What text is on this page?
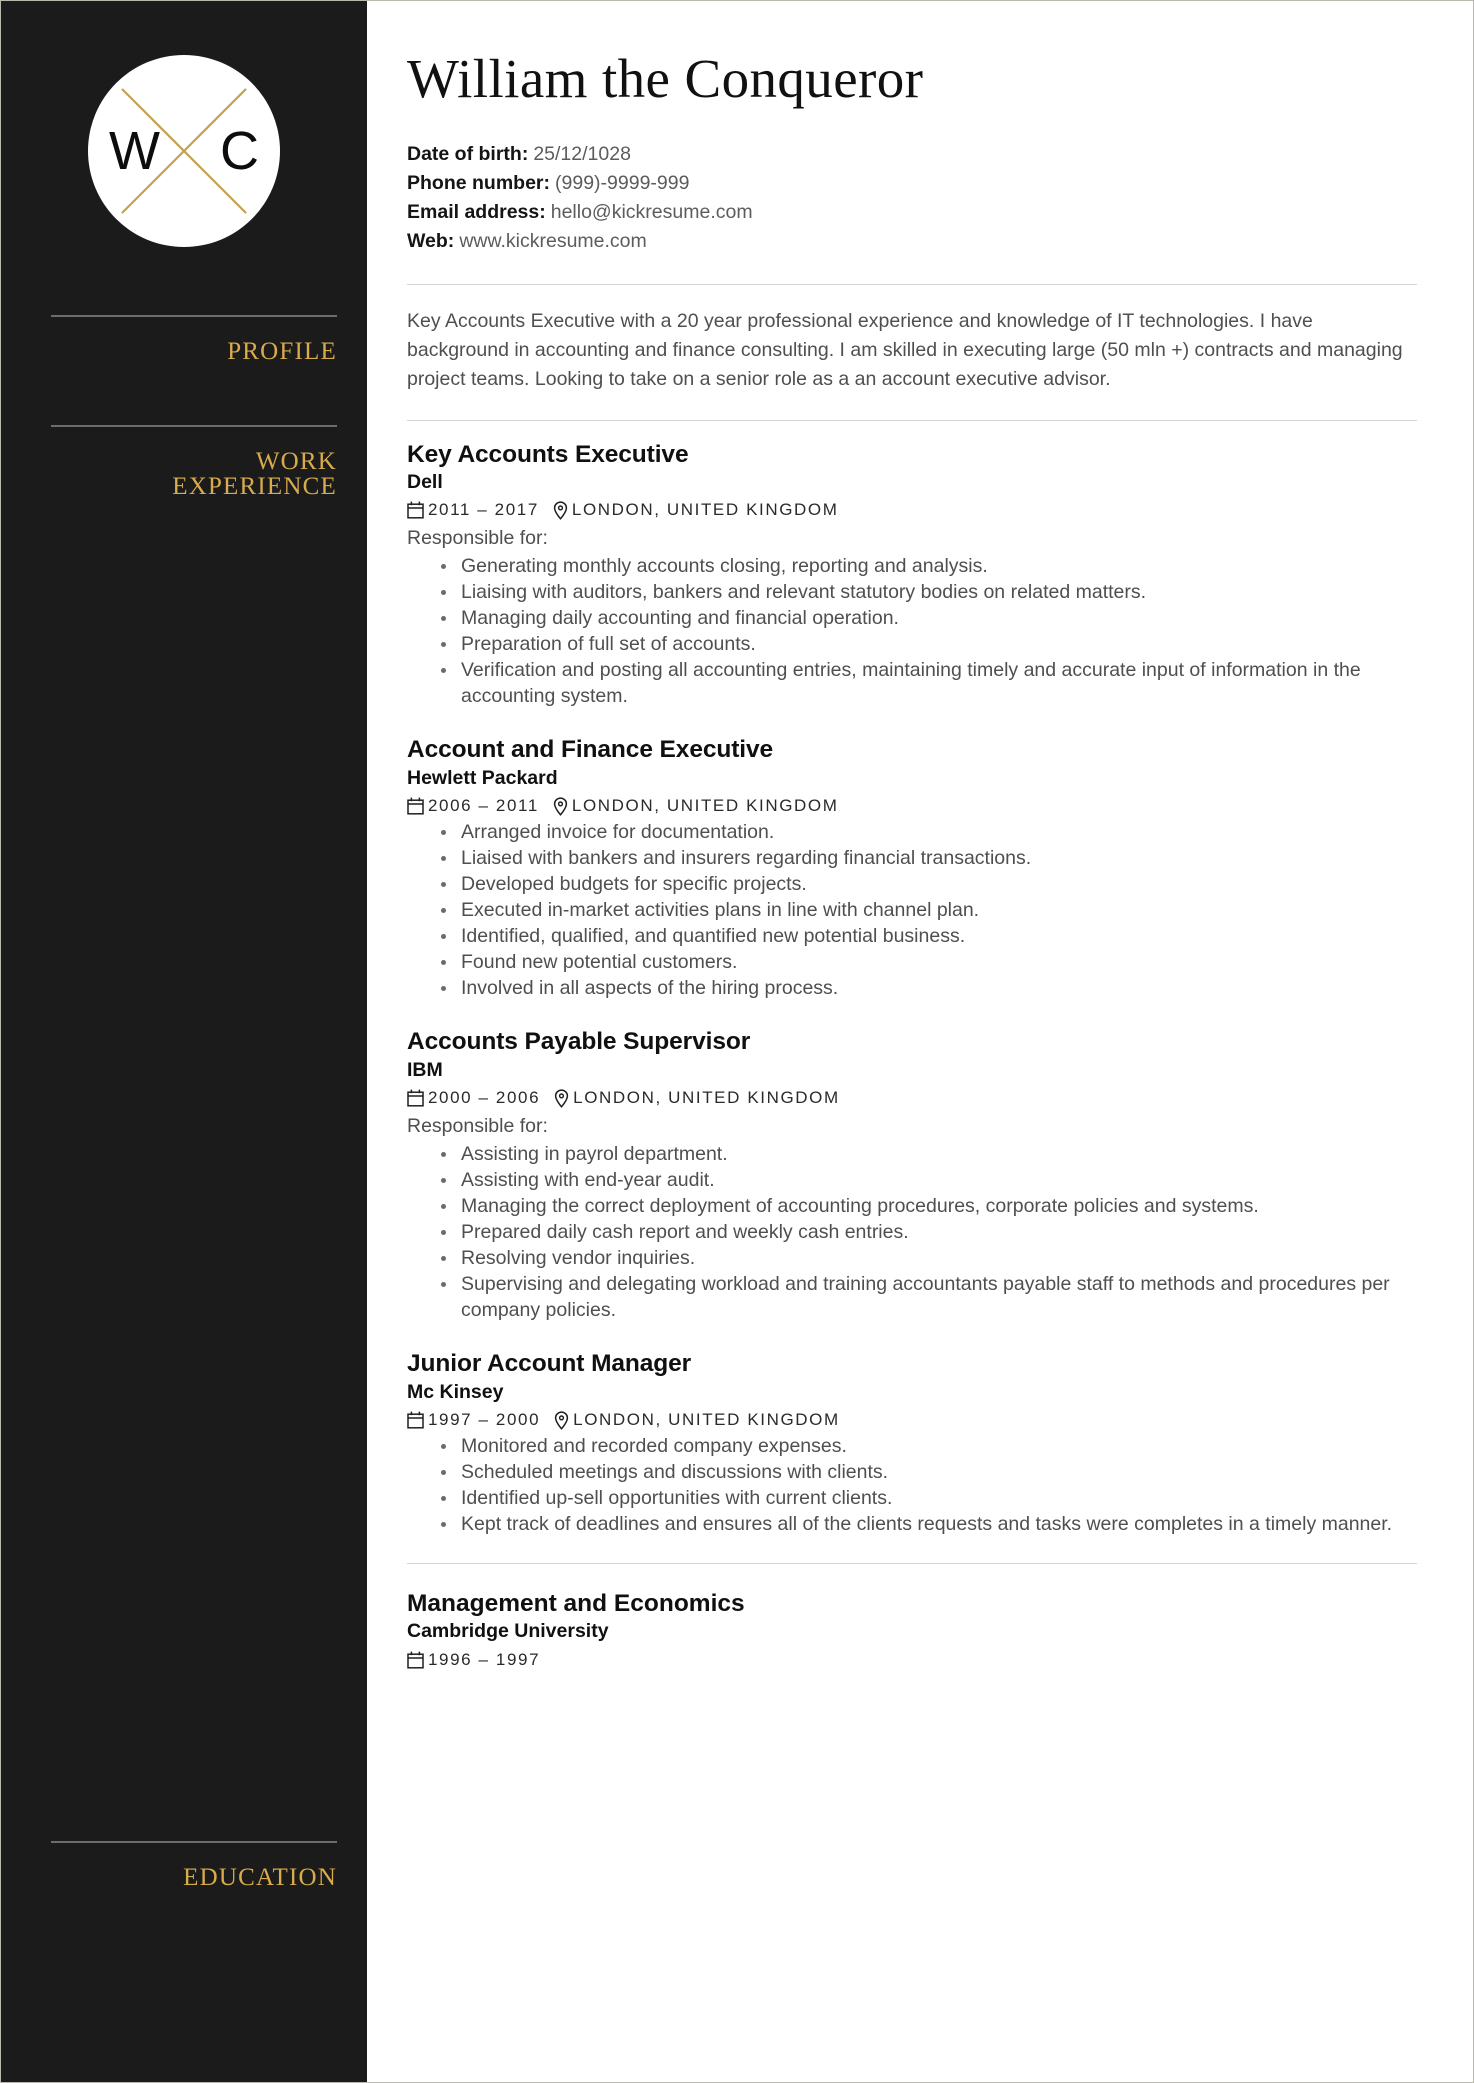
W C
PROFILE
WORK
EXPERIENCE
EDUCATION
William the Conqueror
Date of birth: 25/12/1028
Phone number: (999)-9999-999
Email address: hello@kickresume.com
Web: www.kickresume.com

Key Accounts Executive with a 20 year professional experience and knowledge of IT technologies. I have background in accounting and finance consulting. I am skilled in executing large (50 mln +) contracts and managing project teams. Looking to take on a senior role as a an account executive advisor.

Key Accounts Executive
Dell
2011 – 2017 LONDON, UNITED KINGDOM
Responsible for:
Generating monthly accounts closing, reporting and analysis.
Liaising with auditors, bankers and relevant statutory bodies on related matters.
Managing daily accounting and financial operation.
Preparation of full set of accounts.
Verification and posting all accounting entries, maintaining timely and accurate input of information in the accounting system.
Account and Finance Executive
Hewlett Packard
2006 – 2011 LONDON, UNITED KINGDOM
Arranged invoice for documentation.
Liaised with bankers and insurers regarding financial transactions.
Developed budgets for specific projects.
Executed in-market activities plans in line with channel plan.
Identified, qualified, and quantified new potential business.
Found new potential customers.
Involved in all aspects of the hiring process.
Accounts Payable Supervisor
IBM
2000 – 2006 LONDON, UNITED KINGDOM
Responsible for:
Assisting in payrol department.
Assisting with end-year audit.
Managing the correct deployment of accounting procedures, corporate policies and systems.
Prepared daily cash report and weekly cash entries.
Resolving vendor inquiries.
Supervising and delegating workload and training accountants payable staff to methods and procedures per company policies.
Junior Account Manager
Mc Kinsey
1997 – 2000 LONDON, UNITED KINGDOM
Monitored and recorded company expenses.
Scheduled meetings and discussions with clients.
Identified up-sell opportunities with current clients.
Kept track of deadlines and ensures all of the clients requests and tasks were completes in a timely manner.
Management and Economics
Cambridge University
1996 – 1997
